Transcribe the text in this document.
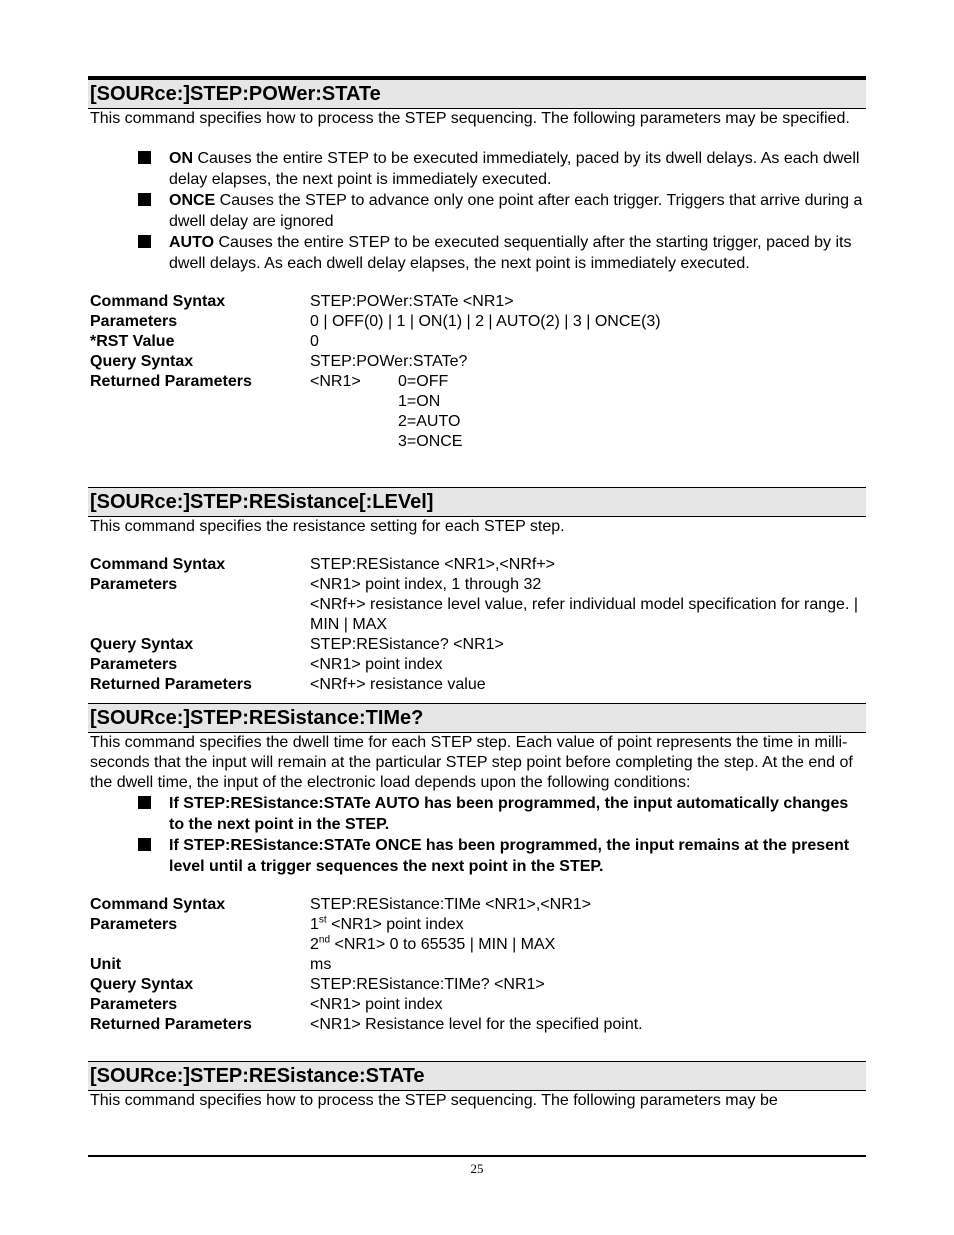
[SOURce:]STEP:POWer:STATe
This command specifies how to process the STEP sequencing. The following parameters may be specified.
ON Causes the entire STEP to be executed immediately, paced by its dwell delays. As each dwell delay elapses, the next point is immediately executed.
ONCE Causes the STEP to advance only one point after each trigger. Triggers that arrive during a dwell delay are ignored
AUTO Causes the entire STEP to be executed sequentially after the starting trigger, paced by its dwell delays. As each dwell delay elapses, the next point is immediately executed.
Command Syntax	STEP:POWer:STATe <NR1>
Parameters	0 | OFF(0) | 1 | ON(1) | 2 | AUTO(2) | 3 | ONCE(3)
*RST Value	0
Query Syntax	STEP:POWer:STATe?
Returned Parameters	<NR1>	0=OFF
1=ON
2=AUTO
3=ONCE
[SOURce:]STEP:RESistance[:LEVel]
This command specifies the resistance setting for each STEP step.
Command Syntax	STEP:RESistance <NR1>,<NRf+>
Parameters	<NR1> point index, 1 through 32
<NRf+> resistance level value, refer individual model specification for range. | MIN | MAX
Query Syntax	STEP:RESistance? <NR1>
Parameters	<NR1> point index
Returned Parameters	<NRf+> resistance value
[SOURce:]STEP:RESistance:TIMe?
This command specifies the dwell time for each STEP step. Each value of point represents the time in milli-seconds that the input will remain at the particular STEP step point before completing the step. At the end of the dwell time, the input of the electronic load depends upon the following conditions:
If STEP:RESistance:STATe AUTO has been programmed, the input automatically changes to the next point in the STEP.
If STEP:RESistance:STATe ONCE has been programmed, the input remains at the present level until a trigger sequences the next point in the STEP.
Command Syntax	STEP:RESistance:TIMe <NR1>,<NR1>
Parameters	1st <NR1> point index
2nd <NR1> 0 to 65535 | MIN | MAX
Unit	ms
Query Syntax	STEP:RESistance:TIMe? <NR1>
Parameters	<NR1> point index
Returned Parameters	<NR1> Resistance level for the specified point.
[SOURce:]STEP:RESistance:STATe
This command specifies how to process the STEP sequencing. The following parameters may be
25
